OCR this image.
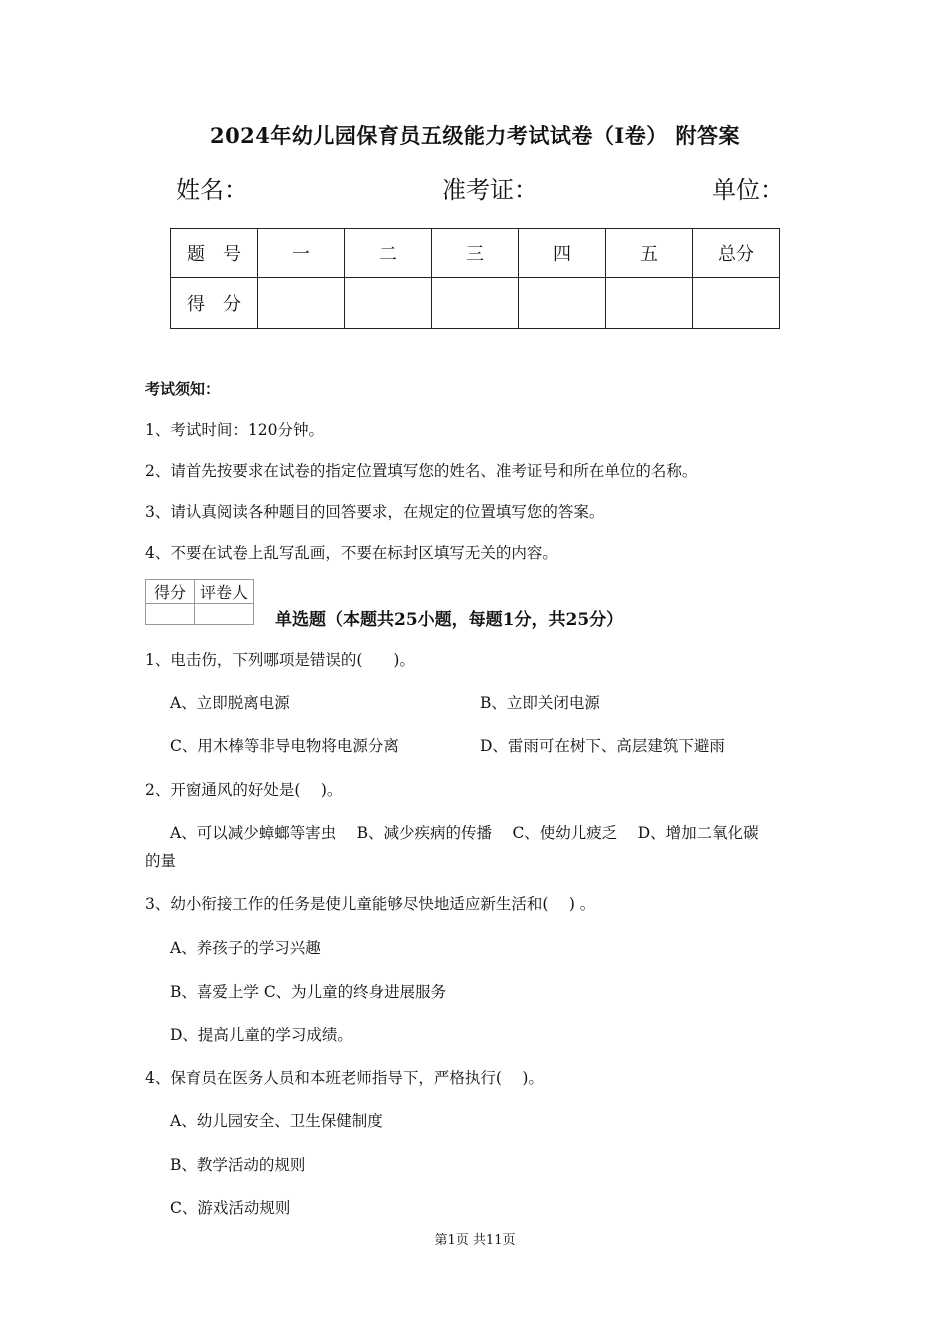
2024年幼儿园保育员五级能力考试试卷（I卷） 附答案
姓名：	准考证：	单位：
题　号	一	二	三	四	五	总分
得　分						
考试须知：
1、考试时间：120分钟。
2、请首先按要求在试卷的指定位置填写您的姓名、准考证号和所在单位的名称。
3、请认真阅读各种题目的回答要求，在规定的位置填写您的答案。
4、不要在试卷上乱写乱画，不要在标封区填写无关的内容。
得分	评卷人

单选题（本题共25小题，每题1分，共25分）
1、电击伤，下列哪项是错误的(　　)。
A、立即脱离电源	B、立即关闭电源
C、用木棒等非导电物将电源分离	D、雷雨可在树下、高层建筑下避雨
2、开窗通风的好处是(　 )。
A、可以减少蟑螂等害虫　 B、减少疾病的传播　 C、使幼儿疲乏　 D、增加二氧化碳
的量
3、幼小衔接工作的任务是使儿童能够尽快地适应新生活和(　 ) 。
A、养孩子的学习兴趣
B、喜爱上学 C、为儿童的终身进展服务
D、提高儿童的学习成绩。
4、保育员在医务人员和本班老师指导下，严格执行(　 )。
A、幼儿园安全、卫生保健制度
B、教学活动的规则
C、游戏活动规则
第1页 共11页
